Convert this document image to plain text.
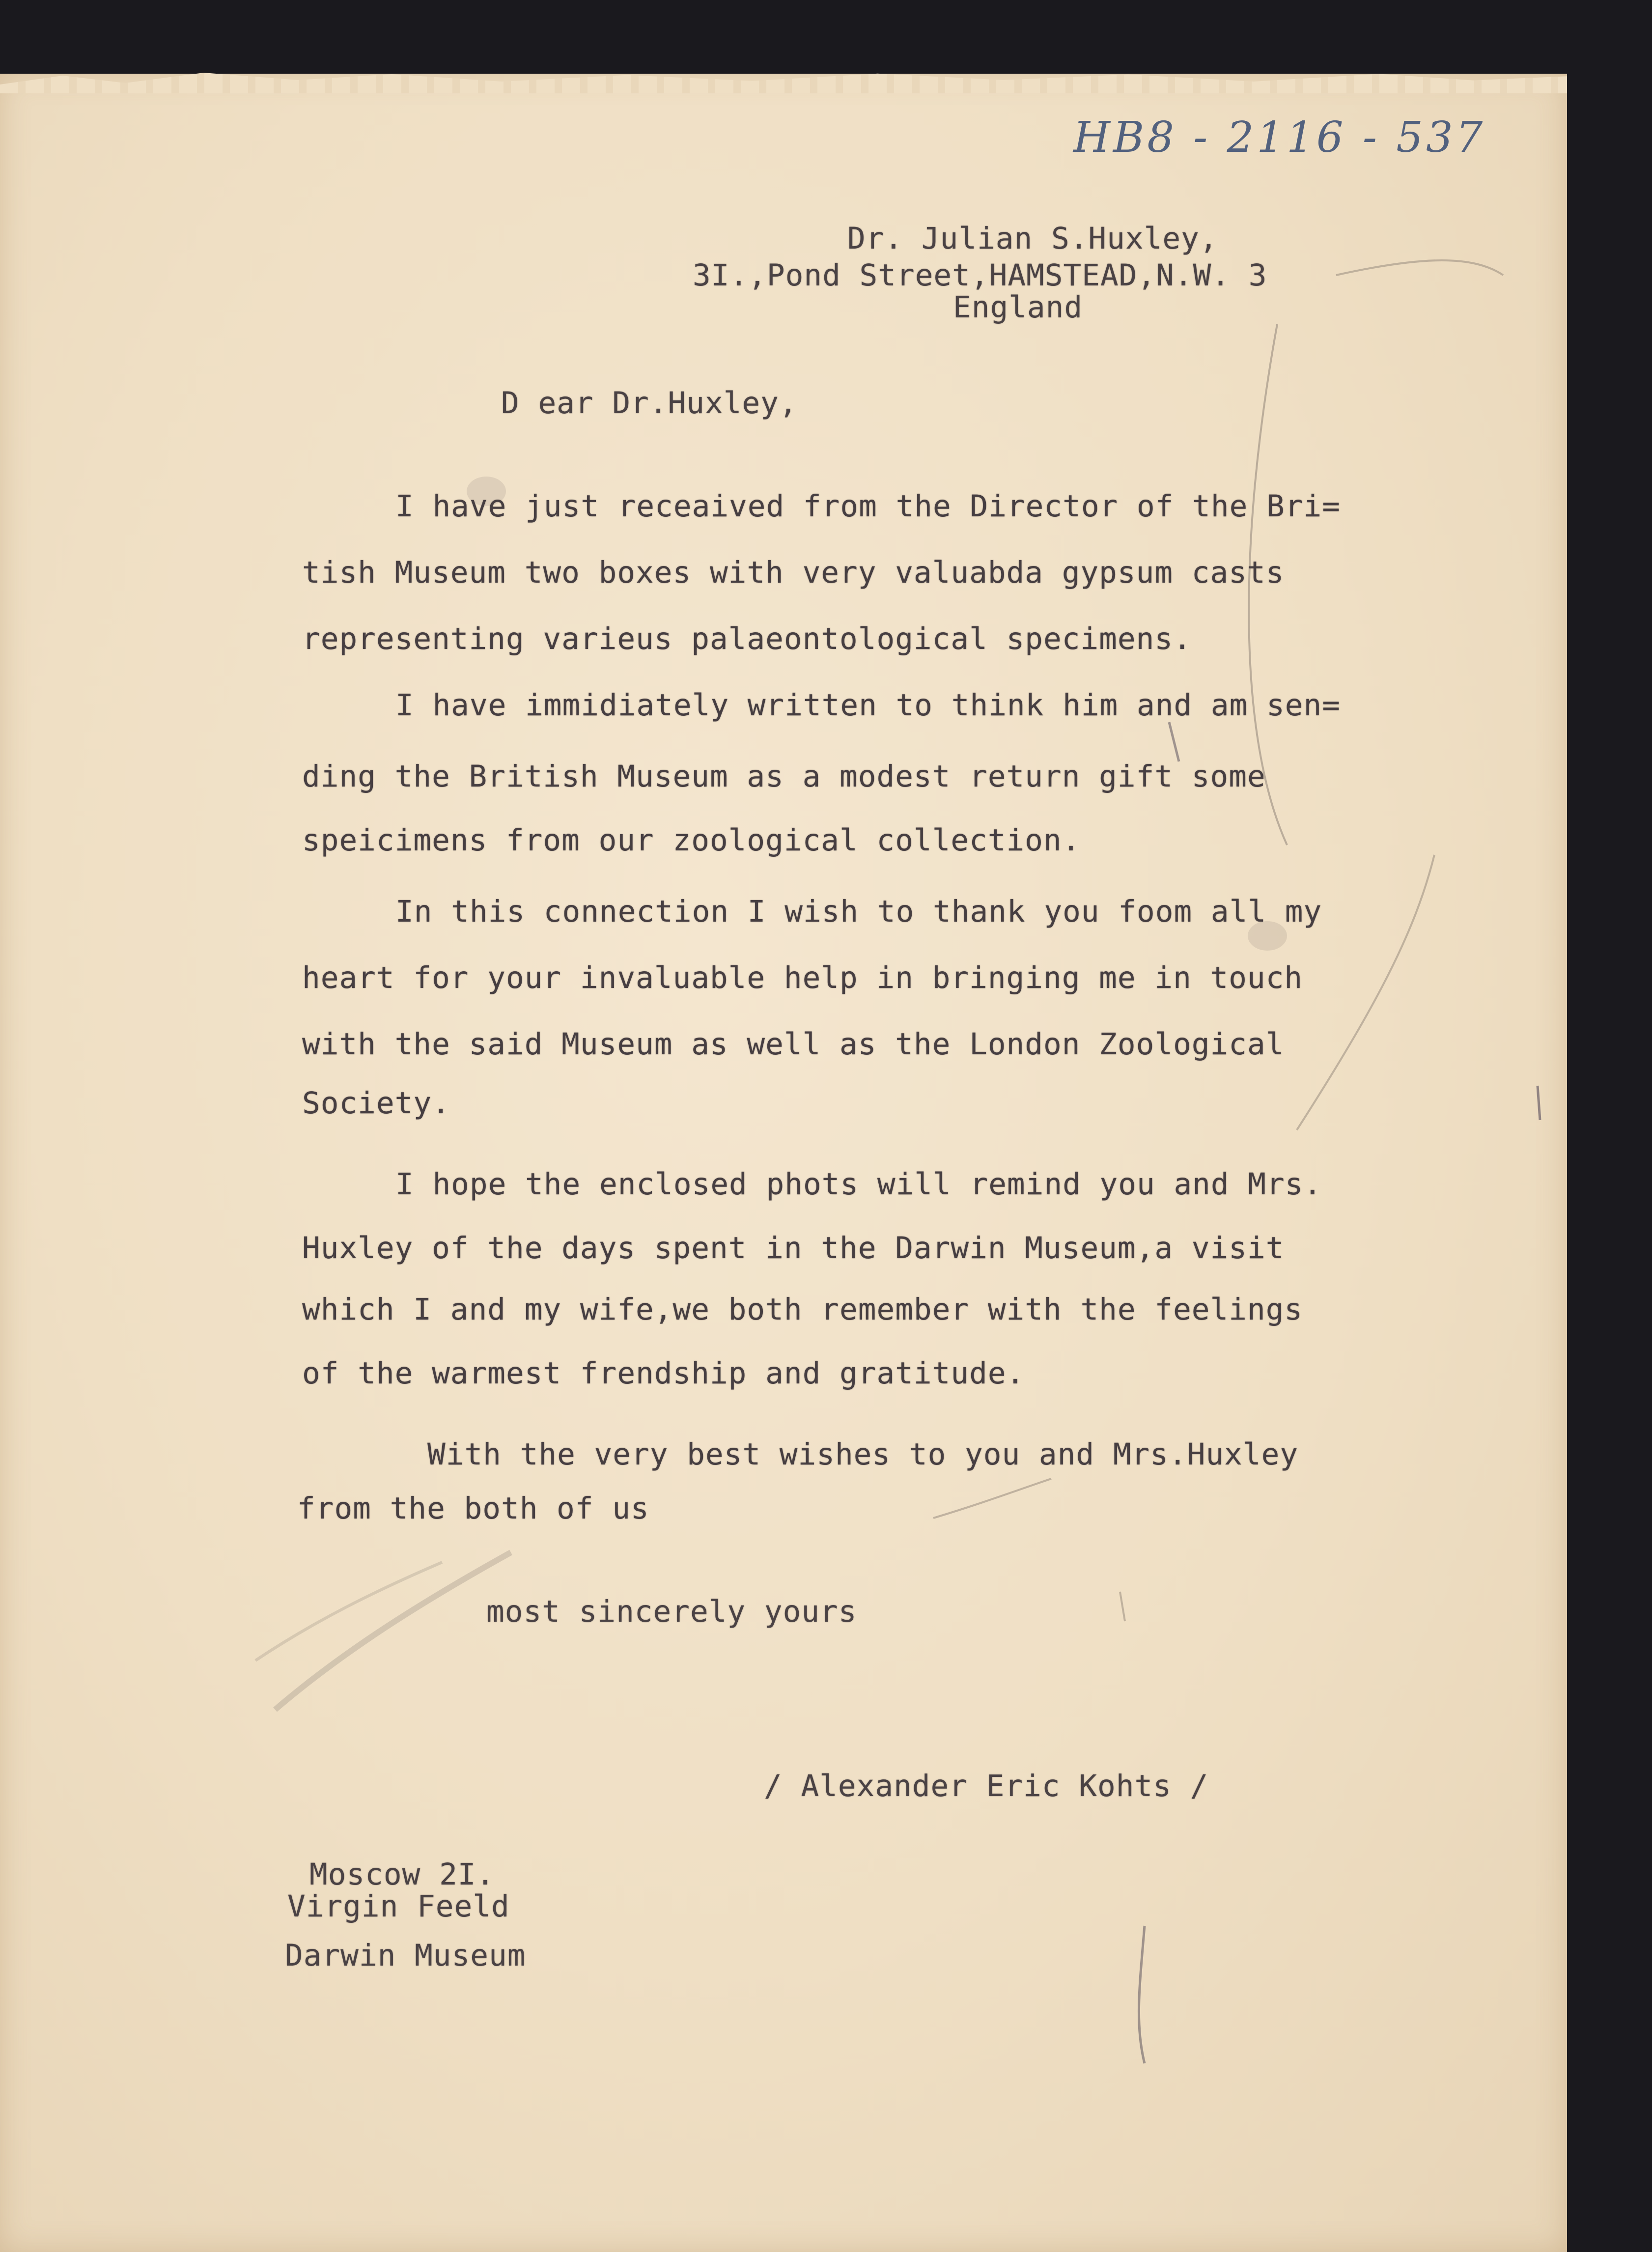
HB8 - 2116 - 537
Dr. Julian S.Huxley,
3I.,Pond Street,HAMSTEAD,N.W. 3
England
D ear Dr.Huxley,
I have just receaived from the Director of the Bri=
tish Museum two boxes with very valuabda gypsum casts
representing varieus palaeontological specimens.
I have immidiately written to think him and am sen=
ding the British Museum as a modest return gift some
speicimens from our zoological collection.
In this connection I wish to thank you foom all my
heart for your invaluable help in bringing me in touch
with the said Museum as well as the London Zoological
Society.
I hope the enclosed phots will remind you and Mrs.
Huxley of the days spent in the Darwin Museum,a visit
which I and my wife,we both remember with the feelings
of the warmest frendship and gratitude.
With the very best wishes to you and Mrs.Huxley
from the both of us
most sincerely yours
/ Alexander Eric Kohts /
Moscow 2I.
Virgin Feeld
Darwin Museum
